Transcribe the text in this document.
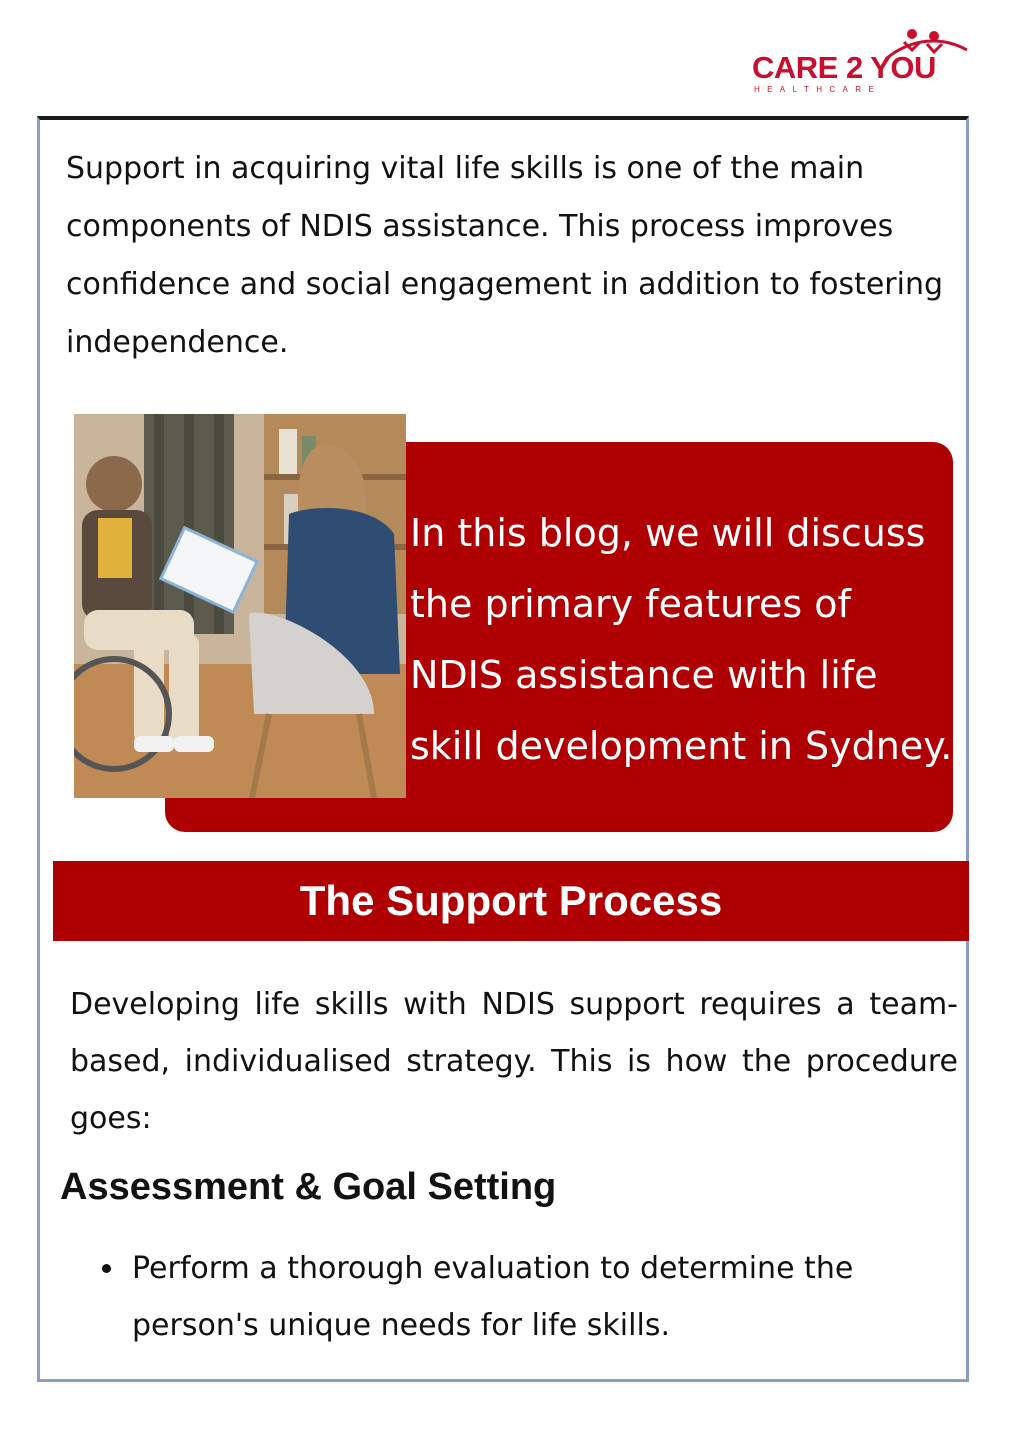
CARE 2 YOU
HEALTHCARE

Support in acquiring vital life skills is one of the main components of NDIS assistance. This process improves confidence and social engagement in addition to fostering independence.

In this blog, we will discuss the primary features of NDIS assistance with life skill development in Sydney.

The Support Process

Developing life skills with NDIS support requires a team-based, individualised strategy. This is how the procedure goes:

Assessment & Goal Setting
Perform a thorough evaluation to determine the person's unique needs for life skills.
